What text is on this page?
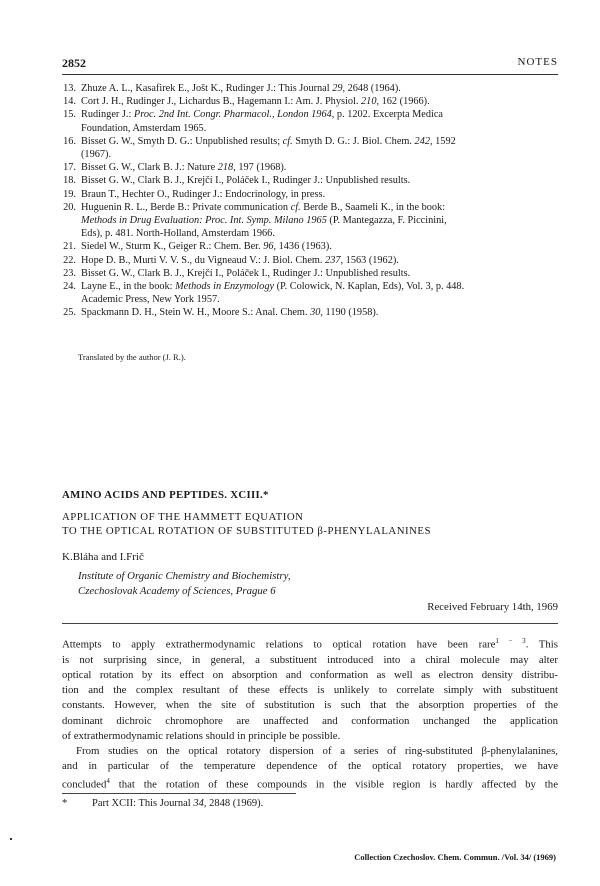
2852	NOTES
13. Zhuze A. L., Kasafirek E., Jošt K., Rudinger J.: This Journal 29, 2648 (1964).
14. Cort J. H., Rudinger J., Lichardus B., Hagemann I.: Am. J. Physiol. 210, 162 (1966).
15. Rudinger J.: Proc. 2nd Int. Congr. Pharmacol., London 1964, p. 1202. Excerpta Medica
Foundation, Amsterdam 1965.
16. Bisset G. W., Smyth D. G.: Unpublished results; cf. Smyth D. G.: J. Biol. Chem. 242, 1592
(1967).
17. Bisset G. W., Clark B. J.: Nature 218, 197 (1968).
18. Bisset G. W., Clark B. J., Krejčí I., Poláček I., Rudinger J.: Unpublished results.
19. Braun T., Hechter O., Rudinger J.: Endocrinology, in press.
20. Huguenin R. L., Berde B.: Private communication cf. Berde B., Saameli K., in the book:
Methods in Drug Evaluation: Proc. Int. Symp. Milano 1965 (P. Mantegazza, F. Piccinini,
Eds), p. 481. North-Holland, Amsterdam 1966.
21. Siedel W., Sturm K., Geiger R.: Chem. Ber. 96, 1436 (1963).
22. Hope D. B., Murti V. V. S., du Vigneaud V.: J. Biol. Chem. 237, 1563 (1962).
23. Bisset G. W., Clark B. J., Krejčí I., Poláček I., Rudinger J.: Unpublished results.
24. Layne E., in the book: Methods in Enzymology (P. Colowick, N. Kaplan, Eds), Vol. 3, p. 448.
Academic Press, New York 1957.
25. Spackmann D. H., Stein W. H., Moore S.: Anal. Chem. 30, 1190 (1958).
Translated by the author (J. R.).
AMINO ACIDS AND PEPTIDES. XCIII.*
APPLICATION OF THE HAMMETT EQUATION
TO THE OPTICAL ROTATION OF SUBSTITUTED β-PHENYLALANINES
K.Bláha and I.Frič
Institute of Organic Chemistry and Biochemistry,
Czechoslovak Academy of Sciences, Prague 6
Received February 14th, 1969
Attempts to apply extrathermodynamic relations to optical rotation have been rare$^{1 - 3}$. This
is not surprising since, in general, a substituent introduced into a chiral molecule may alter
optical rotation by its effect on absorption and conformation as well as electron density distribu-
tion and the complex resultant of these effects is unlikely to correlate simply with substituent
constants. However, when the site of substitution is such that the absorption properties of the
dominant dichroic chromophore are unaffected and conformation unchanged the application
of extrathermodynamic relations should in principle be possible.
From studies on the optical rotatory dispersion of a series of ring-substituted β-phenylalanines,
and in particular of the temperature dependence of the optical rotatory properties, we have
concluded$^4$ that the rotation of these compounds in the visible region is hardly affected by the
* Part XCII: This Journal 34, 2848 (1969).
Collection Czechoslov. Chem. Commun. /Vol. 34/ (1969)
